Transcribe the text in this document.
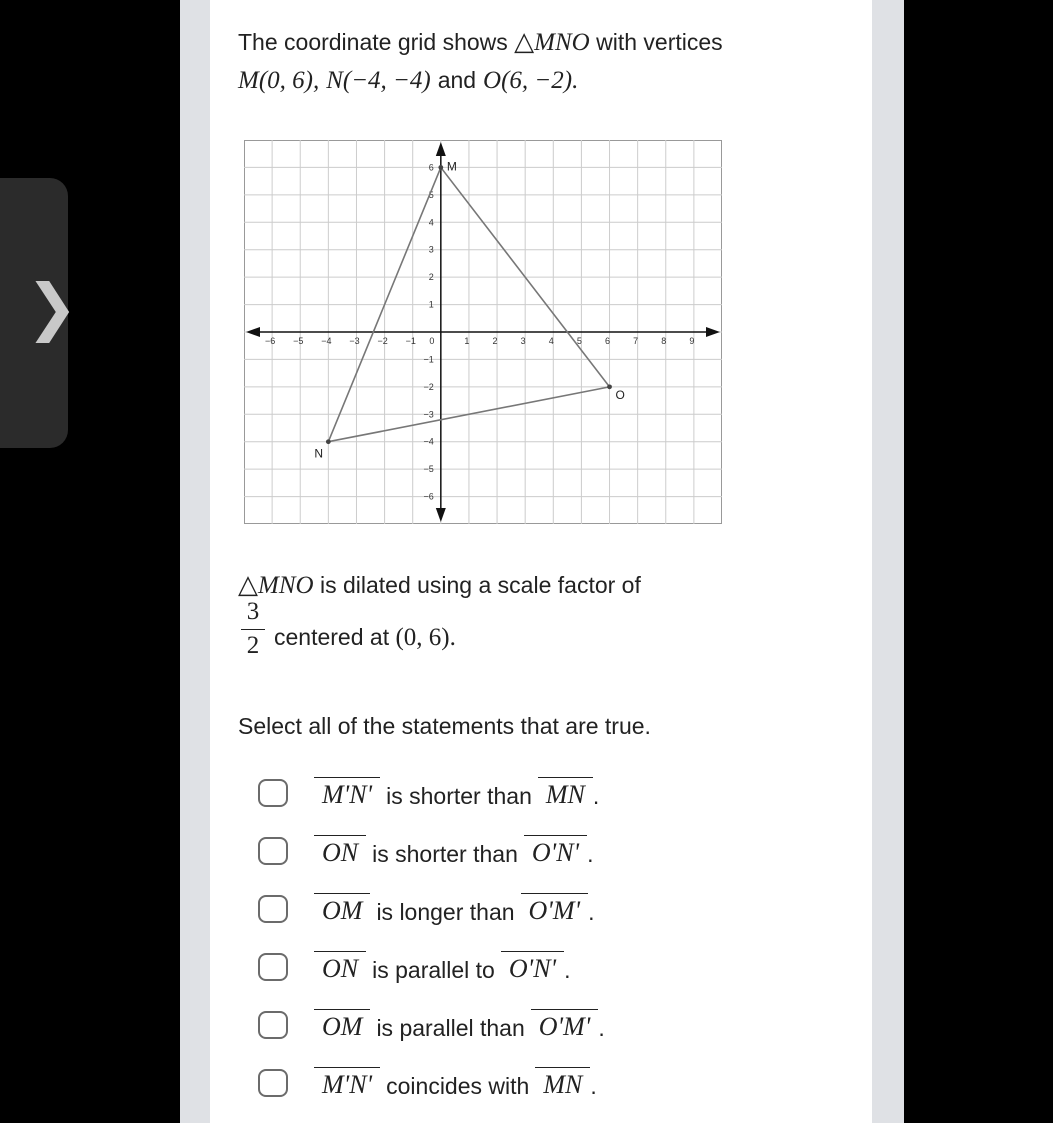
❯
The coordinate grid shows △MNO with vertices
M(0, 6), N(−4, −4) and O(6, −2).
−6 −5 −4 −3 −2 −1 0	1	2	3	4	5	6	7	8	9
6
5
4
3
2
1
−1
−2
−3
−4
−5
−6
M
N
O
△MNO is dilated using a scale factor of
3
2 centered at (0, 6).
Select all of the statements that are true.
M'N' is shorter than MN .
ON is shorter than O'N' .
OM is longer than O'M' .
ON is parallel to O'N' .
OM is parallel than O'M' .
M'N' coincides with MN .
